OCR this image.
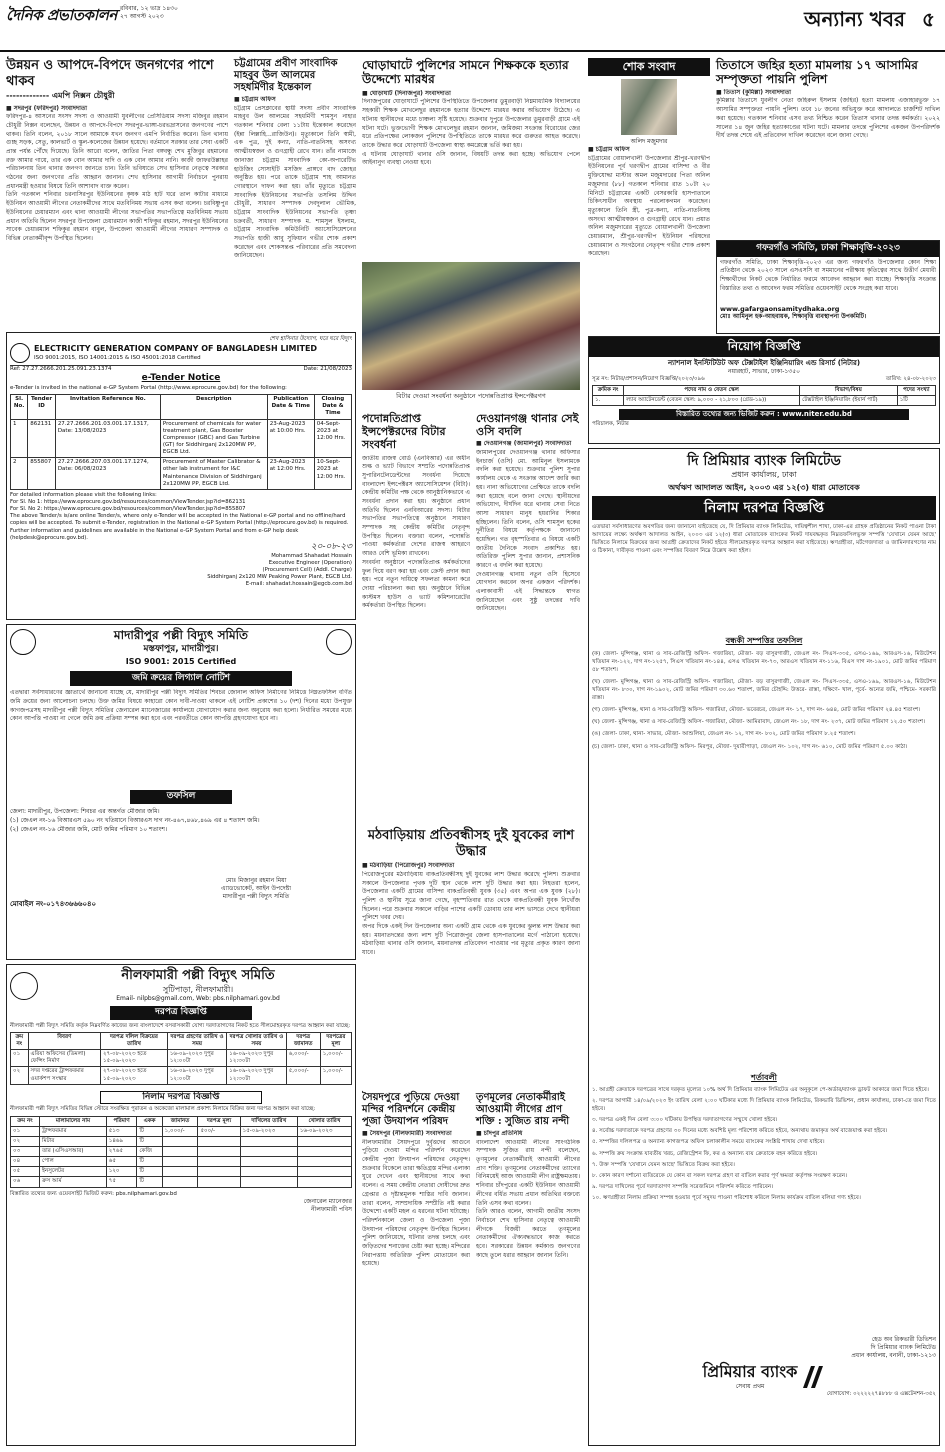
দৈনিক প্রভাতকালন রবিবার, ১২ ভাদ্র ১৪৩০
২৭ আগস্ট ২০২৩	অন্যান্য খবর ৫
উন্নয়ন ও আপদে-বিপদে জনগণের পাশে থাকব
------------- এমপি নিক্সন চৌধুরী
■ সদরপুর (ফরিদপুর) সংবাদদাতা
ফরিদপুর-৪ আসনের সংসদ সদস্য ও আওয়ামী যুবলীগের প্রেসিডিয়াম সদস্য মজিবুর রহমান চৌধুরী নিক্সন বলেছেন, উন্নয়ন ও আপদে-বিপদে সদরপুর-ভাঙ্গা-চরভদ্রাসনের জনগণের পাশে থাকব। তিনি বলেন, ২০১৮ সালে আমাকে যখন জনগণ এমপি নির্বাচিত করেন। তিন থানায় গুচ্ছ সড়ক, সেতু, কালভার্ট ও স্কুল-কলেজের উন্নয়ন হয়েছে। বর্তমানে সরকার তার সেবা একটি প্রান্ত পর্যন্ত পৌঁছে দিয়েছে। তিনি আরো বলেন, জাতির পিতা বঙ্গবন্ধু শেখ মুজিবুর রহমানের রক্ত আমার গায়ে, তার এক বোন আমার দাদি ও এক বোন আমার নানি। কাজী জাফরউল্লাহর পরিচালনায় তিন থানার জনগণ জানতে চান। তিনি ভবিষ্যতে সেখ হাসিনার নেতৃত্বে সরকার গঠনের জন্য জনগণের প্রতি আহ্বান জানান। শেখ হাসিনার আগামী নির্বাচনে পুনরায় প্রধানমন্ত্রী হওয়ার বিষয়ে তিনি আশাবাদ ব্যক্ত করেন।
তিনি গতকাল শনিবার চরনাসিরপুর ইউনিয়নের কৃষক মাঠ হাট ঘরে তাল কাটার মাধ্যমে ইউনিয়ন আওয়ামী লীগের নেতাকর্মীদের সাথে মতবিনিময় সভায় এসব কথা বলেন। চরবিষ্ণুপুর ইউনিয়নের চেয়ারম্যান এবং থানা আওয়ামী লীগের সভাপতির সভাপতিত্বে মতবিনিময় সভায় প্রধান অতিথি ছিলেন সদরপুর উপজেলা চেয়ারম্যান কাজী শফিকুর রহমান, সদরপুর ইউনিয়নের সাবেক চেয়ারম্যান শফিকুর রহমান বাবুল, উপজেলা আওয়ামী লীগের সাধারণ সম্পাদক ও বিভিন্ন নেতাকর্মীবৃন্দ উপস্থিত ছিলেন।
চট্টগ্রামের প্রবীণ সাংবাদিক মাহবুব উল আলমের সহধর্মিণীর ইন্তেকাল
■ চট্টগ্রাম অফিস
চট্টগ্রাম প্রেসক্লাবের স্থায়ী সদস্য প্রবীণ সাংবাদিক মাহবুব উল আলমের সহধর্মিণী শামসুন নাহার গতকাল শনিবার বেলা ১১টায় ইন্তেকাল করেছেন (ইন্না লিল্লাহি...রাজিউন)। মৃত্যুকালে তিনি স্বামী, এক পুত্র, দুই কন্যা, নাতি-নাতনিসহ অসংখ্য আত্মীয়স্বজন ও গুণগ্রাহী রেখে যান। তাঁর নামাজে জানাজা চট্টগ্রাম সাংবাদিক কো-অপারেটিভ হাউজিং সোসাইটি মসজিদ প্রাঙ্গণে বাদ জোহর অনুষ্ঠিত হয়। পরে তাকে চট্টগ্রাম শাহ আমানত গোরস্থানে দাফন করা হয়। তাঁর মৃত্যুতে চট্টগ্রাম সাংবাদিক ইউনিয়নের সভাপতি তসলিম উদ্দিন চৌধুরী, সাধারণ সম্পাদক দেবদুলাল ভৌমিক, চট্টগ্রাম সাংবাদিক ইউনিয়নের সভাপতি তৃষ্ণা চক্রবর্তী, সাধারণ সম্পাদক ম. শামসুল ইসলাম, চট্টগ্রাম সাংবাদিক কমিউনিটি অ্যাসোসিয়েশনের সভাপতি হাজী আবু সুফিয়ান গভীর শোক প্রকাশ করেছেন এবং শোকসন্তপ্ত পরিবারের প্রতি সমবেদনা জানিয়েছেন।
ঘোড়াঘাটে পুলিশের সামনে শিক্ষককে হত্যার উদ্দেশ্যে মারধর
■ ঘোড়াঘাট (দিনাজপুর) সংবাদদাতা
দিনাজপুরের ঘোড়াঘাটে পুলিশের উপস্থিতিতে উপজেলার ডুমুরবাড়ী নিম্নমাধ্যমিক বিদ্যালয়ের সহকারী শিক্ষক মোখলেছুর রহমানকে হত্যার উদ্দেশ্যে মারধর করার অভিযোগ উঠেছে। এ ঘটনায় স্থানীয়দের মধ্যে চাঞ্চল্য সৃষ্টি হয়েছে। শুক্রবার দুপুরে উপজেলার ডুমুরবাড়ী গ্রামে এই ঘটনা ঘটে। ভুক্তভোগী শিক্ষক মোখলেছুর রহমান জানান, জমিজমা সংক্রান্ত বিরোধের জের ধরে প্রতিপক্ষের লোকজন পুলিশের উপস্থিতিতে তাকে মারধর করে গুরুতর আহত করেছে। তাকে উদ্ধার করে ঘোড়াঘাট উপজেলা স্বাস্থ্য কমপ্লেক্সে ভর্তি করা হয়।
এ ঘটনায় ঘোড়াঘাট থানার ওসি জানান, বিষয়টি তদন্ত করা হচ্ছে। অভিযোগ পেলে আইনানুগ ব্যবস্থা নেওয়া হবে।
বিটার দেওয়া সংবর্ধনা অনুষ্ঠানে পদোন্নতিপ্রাপ্ত ইন্সপেক্টরগণ
শোক সংবাদ
অলিদ মজুমদার
■ চট্টগ্রাম অফিস
চট্টগ্রামের বোয়ালখালী উপজেলার শ্রীপুর-খরণদ্বীপ ইউনিয়নের পূর্ব খরণদ্বীপ গ্রামের বাসিন্দা ও বীর মুক্তিযোদ্ধা মাস্টার অমল মজুমদারের পিতা অনিল মজুমদার (৮৮) গতকাল শনিবার রাত ১০টা ২০ মিনিটে চট্টগ্রামের একটি বেসরকারি হাসপাতালে চিকিৎসাধীন অবস্থায় পরলোকগমন করেছেন। মৃত্যুকালে তিনি স্ত্রী, পুত্র-কন্যা, নাতি-নাতনিসহ অসংখ্য আত্মীয়স্বজন ও গুণগ্রাহী রেখে যান। প্রয়াত অনিল মজুমদারের মৃত্যুতে বোয়ালখালী উপজেলা চেয়ারম্যান, শ্রীপুর-খরণদ্বীপ ইউনিয়ন পরিষদের চেয়ারম্যান ও সংগঠনের নেতৃবৃন্দ গভীর শোক প্রকাশ করেছেন।
তিতাসে জহির হত্যা মামলায় ১৭ আসামির সম্পৃক্ততা পায়নি পুলিশ
■ তিতাস (কুমিল্লা) সংবাদদাতা
কুমিল্লার তিতাসে যুবলীগ নেতা জহিরুল ইসলাম (জহির) হত্যা মামলায় এজাহারভুক্ত ১৭ আসামির সম্পৃক্ততা পায়নি পুলিশ। তবে ১৮ জনের অভিযুক্ত করে আদালতে চার্জশিট দাখিল করা হয়েছে। গতকাল শনিবার এসব তথ্য নিশ্চিত করেন তিতাস থানার তদন্ত কর্মকর্তা। ২০২২ সালের ১৪ জুন জহির হত্যাকাণ্ডের ঘটনা ঘটে। মামলার তদন্তে পুলিশের একজন উপপরিদর্শক দীর্ঘ তদন্ত শেষে এই প্রতিবেদন দাখিল করেছেন বলে জানা গেছে।
গফরগাঁও সমিতি, ঢাকা শিক্ষাবৃত্তি-২০২৩
গফরগাঁও সমিতি, ঢাকা শিক্ষাবৃত্তি-২০২৩ এর জন্য গফরগাঁও উপজেলার কোন শিক্ষা প্রতিষ্ঠান থেকে ২০২৩ সালে এসএসসি বা সমমানের পরীক্ষায় কৃতিত্বের সাথে উত্তীর্ণ মেধাবী শিক্ষার্থীদের নিকট থেকে নির্ধারিত ফরমে আবেদন আহ্বান করা যাচ্ছে। শিক্ষাবৃত্তি সংক্রান্ত বিস্তারিত তথ্য ও আবেদন ফরম সমিতির ওয়েবসাইট থেকে সংগ্রহ করা যাবে।
www.gafargaonsamitydhaka.org
মোঃ আমিনুল হক-আহবায়ক, শিক্ষাবৃত্তি ব্যবস্থাপনা উপকমিটি।
নিয়োগ বিজ্ঞপ্তি
ন্যাশনাল ইনস্টিটিউট অফ টেক্সটাইল ইঞ্জিনিয়ারিং এন্ড রিসার্চ (নিটার)
নয়ারহাট, সাভার, ঢাকা-১৩৫০
সূত্র নং: নিটার/প্রশাসন/নিয়োগ বিজ্ঞপ্তি/২০২৩/০৯৬	তারিখ: ২৪-০৮-২০২৩
ক্রমিক নং	পদের নাম ও বেতন স্কেল	বিভাগ/বিষয়	পদের সংখ্যা
১.	ল্যাব অ্যাটেনডেন্ট (বেতন স্কেল: ৯,০০০ - ২১,৮০০ (গ্রেড-১৯))	টেক্সটাইল ইঞ্জিনিয়ারিং (ইয়ার্ন পার্ট)	১টি
বিস্তারিত তথ্যের জন্য ভিজিট করুন : www.niter.edu.bd
পরিচালক, নিটার
শেখ হাসিনার উদ্যোগ, ঘরে ঘরে বিদ্যুৎ
ELECTRICITY GENERATION COMPANY OF BANGLADESH LIMITED
ISO 9001:2015, ISO 14001:2015 & ISO 45001:2018 Certified
Ref: 27.27.2666.201.25.091.23.1374	Date: 21/08/2023
e-Tender Notice
e-Tender is invited in the national e-GP System Portal (http://www.eprocure.gov.bd) for the following:
Sl. No.	Tender ID	Invitation Reference No.	Description	Publication Date & Time	Closing Date & Time
1	862131	27.27.2666.201.03.001.17.1317, Date: 13/08/2023	Procurement of chemicals for water treatment plant, Gas Booster Compressor (GBC) and Gas Turbine (GT) for Siddhirganj 2x120MW PP, EGCB Ltd.	23-Aug-2023 at 10:00 Hrs.	04-Sept-2023 at 12:00 Hrs.
2	855807	27.27.2666.207.03.001.17.1274, Date: 06/08/2023	Procurement of Master Calibrator & other lab instrument for I&C Maintenance Division of Siddhirganj 2x120MW PP, EGCB Ltd.	23-Aug-2023 at 12:00 Hrs.	10-Sept-2023 at 12:00 Hrs.
For detailed information please visit the following links:
For Sl. No 1: https://www.eprocure.gov.bd/resources/common/ViewTender.jsp?id=862131
For Sl. No 2: https://www.eprocure.gov.bd/resources/common/ViewTender.jsp?id=855807
The above Tender/s is/are online Tender/s, where only e-Tender will be accepted in the National e-GP portal and no offline/hard copies will be accepted. To submit e-Tender, registration in the National e-GP System Portal (http://eprocure.gov.bd) is required. Further information and guidelines are available in the National e-GP System Portal and from e-GP help desk (helpdesk@eprocure.gov.bd).
২০-০৮-২৩
Mohammad Shahadat Hossain
Executive Engineer (Operation)
(Procurement Cell) (Addl. Charge)
Siddhirganj 2x120 MW Peaking Power Plant, EGCB Ltd.
E-mail: shahadat.hossain@egcb.com.bd
মাদারীপুর পল্লী বিদ্যুৎ সমিতি
মস্তফাপুর, মাদারীপুর।
ISO 9001: 2015 Certified
জমি ক্রয়ের লিগ্যাল নোটিশ
এতদ্বারা সর্বসাধারণের জ্ঞাতার্থে জানানো যাচ্ছে যে, মাদারীপুর পল্লী বিদ্যুৎ সমিতির শিবচর জোনাল অফিস নির্মাণের নিমিত্তে নিম্নতফসিল বর্ণিত জমি ক্রয়ের জন্য আলোচনা চলছে। উক্ত জমির বিষয়ে কাহারো কোন দাবী-দাওয়া থাকলে এই নোটিশ প্রকাশের ১০ (দশ) দিনের মধ্যে উপযুক্ত কাগজপত্রসহ মাদারীপুর পল্লী বিদ্যুৎ সমিতির জেনারেল ম্যানেজারের কার্যালয়ে যোগাযোগ করার জন্য অনুরোধ করা হলো। নির্ধারিত সময়ের মধ্যে কোন আপত্তি পাওয়া না গেলে জমি ক্রয় প্রক্রিয়া সম্পন্ন করা হবে এবং পরবর্তীতে কোন আপত্তি গ্রহণযোগ্য হবে না।
তফসিল
জেলা: মাদারীপুর, উপজেলা: শিবচর এর অন্তর্গত মৌজার জমি।
(১) জেএল নং-১৬ বিআরএস ৫৯০ নং খতিয়ানে বিআরএস দাগ নং-৪৬৭,৪৬৮,৪৬৯ এর ৪ শতাংশ জমি।
(২) জেএল নং-১৬ মৌজার জমি, মোট জমির পরিমাণ ১০ শতাংশ।
মোঃ মিজানুর রহমান মিয়া
এ্যাডভোকেট, আইন উপদেষ্টা
মাদারীপুর পল্লী বিদ্যুৎ সমিতি
মোবাইল নং-০১৭৪৩৬৬৬০৪০
নীলফামারী পল্লী বিদ্যুৎ সমিতি
সুটিপাড়া, নীলফামারী।
Email- nilpbs@gmail.com, Web: pbs.nilphamari.gov.bd
দরপত্র বিজ্ঞপ্তি
নীলফামারী পল্লী বিদ্যুৎ সমিতি কর্তৃক নিম্নবর্ণিত কাজের জন্য বাংলাদেশে বসবাসকারী যোগ্য দরদাতাগণের নিকট হতে সীলমোহরকৃত দরপত্র আহ্বান করা যাচ্ছে:
ক্রম নং	বিবরণ	দরপত্র দলিল বিক্রয়ের তারিখ	দরপত্র গ্রহণের তারিখ ও সময়	দরপত্র খোলার তারিখ ও সময়	দরপত্র জামানত	দরপত্রের মূল্য
০১	এরিয়া অফিসের (ডিমলা) ফেন্সিং নির্মাণ	২৭-০৮-২০২৩ হতে ১৫-০৯-২০২৩	১৬-০৯-২০২৩ দুপুর ১২:০০টা	১৬-০৯-২০২৩ দুপুর ১২:৩০টা	৬,০০০/-	১,০০০/-
০২	সদর দপ্তরের ট্রান্সফরমার ওয়ার্কশপ সংস্কার	২৭-০৮-২০২৩ হতে ১৫-০৯-২০২৩	১৬-০৯-২০২৩ দুপুর ১২:০০টা	১৬-০৯-২০২৩ দুপুর ১২:৩০টা	৫,০০০/-	১,০০০/-
নিলাম দরপত্র বিজ্ঞপ্তি
নীলফামারী পল্লী বিদ্যুৎ সমিতির বিভিন্ন স্টোরে সংরক্ষিত পুরাতন ও অকেজো মালামাল প্রকাশ্য নিলামে বিক্রির জন্য দরপত্র আহ্বান করা যাচ্ছে:
ক্রম নং	মালামালের নাম	পরিমাণ	একক	জামানত	দরপত্র মূল্য	দাখিলের তারিখ	খোলার তারিখ
০১	ট্রান্সফরমার	৫১৩	টি	১,০০০/-	৫০০/-	১৫-০৯-২০২৩	১৬-০৯-২০২৩
০২	মিটার	১৪৬৯	টি				
০৩	তার (এসিএসআর)	২৭৬৫	কেজি				
০৪	পোল	৬৫	টি				
০৫	ইনসুলেটর	১২০	টি				
০৬	ক্রস আর্ম	৭৫	টি				
বিস্তারিত তথ্যের জন্য ওয়েবসাইট ভিজিট করুন: pbs.nilphamari.gov.bd
জেনারেল ম্যানেজার
নীলফামারী পবিস
পদোন্নতিপ্রাপ্ত ইন্সপেক্টরদের বিটার সংবর্ধনা
জাতীয় রাজস্ব বোর্ড (এনবিআর) এর অধীন শুল্ক ও ভ্যাট বিভাগে সম্প্রতি পদোন্নতিপ্রাপ্ত সুপারিনটেনডেন্টদের সংবর্ধনা দিয়েছে বাংলাদেশ ইন্সপেক্টরস অ্যাসোসিয়েশন (বিটা)। কেন্দ্রীয় কমিটির পক্ষ থেকে আনুষ্ঠানিকভাবে এ সংবর্ধনা প্রদান করা হয়। অনুষ্ঠানে প্রধান অতিথি ছিলেন এনবিআরের সদস্য। বিটার সভাপতির সভাপতিত্বে অনুষ্ঠানে সাধারণ সম্পাদক সহ কেন্দ্রীয় কমিটির নেতৃবৃন্দ উপস্থিত ছিলেন। বক্তারা বলেন, পদোন্নতি পাওয়া কর্মকর্তারা দেশের রাজস্ব আহরণে আরও বেশি ভূমিকা রাখবেন।
সংবর্ধনা অনুষ্ঠানে পদোন্নতিপ্রাপ্ত কর্মকর্তাদের ফুল দিয়ে বরণ করা হয় এবং ক্রেস্ট প্রদান করা হয়। পরে নতুন দায়িত্বে সফলতা কামনা করে দোয়া পরিচালনা করা হয়। অনুষ্ঠানে বিভিন্ন কাস্টমস হাউস ও ভ্যাট কমিশনারেটের কর্মকর্তারা উপস্থিত ছিলেন।
দেওয়ানগঞ্জ থানার সেই ওসি বদলি
■ দেওয়ানগঞ্জ (জামালপুর) সংবাদদাতা
জামালপুরের দেওয়ানগঞ্জ থানার অফিসার ইনচার্জ (ওসি) মো. আমিনুল ইসলামকে বদলি করা হয়েছে। শুক্রবার পুলিশ সুপার কার্যালয় থেকে এ সংক্রান্ত আদেশ জারি করা হয়। নানা অভিযোগের প্রেক্ষিতে তাকে বদলি করা হয়েছে বলে জানা গেছে। স্থানীয়দের অভিযোগ, দীর্ঘদিন ধরে থানায় সেবা নিতে আসা সাধারণ মানুষ হয়রানির শিকার হচ্ছিলেন। তিনি বলেন, ওসি শামসুল হকের দুর্নীতির বিষয়ে কর্তৃপক্ষকে জানানো হয়েছিল। গত বৃহস্পতিবার এ বিষয়ে একটি জাতীয় দৈনিকে সংবাদ প্রকাশিত হয়। অতিরিক্ত পুলিশ সুপার জানান, প্রশাসনিক কারণে এ বদলি করা হয়েছে।
দেওয়ানগঞ্জ থানায় নতুন ওসি হিসেবে যোগদান করবেন অপর একজন পরিদর্শক। এলাকাবাসী এই সিদ্ধান্তকে স্বাগত জানিয়েছেন এবং সুষ্ঠু তদন্তের দাবি জানিয়েছেন।
মঠবাড়িয়ায় প্রতিবন্ধীসহ দুই যুবকের লাশ উদ্ধার
■ মঠবাড়িয়া (পিরোজপুর) সংবাদদাতা
পিরোজপুরের মঠবাড়িয়ায় বাকপ্রতিবন্ধীসহ দুই যুবকের লাশ উদ্ধার করেছে পুলিশ। শুক্রবার সকালে উপজেলার পৃথক দুটি স্থান থেকে লাশ দুটি উদ্ধার করা হয়। নিহতরা হলেন, উপজেলার একটি গ্রামের বাসিন্দা বাকপ্রতিবন্ধী যুবক (৩৫) এবং অপর এক যুবক (২৮)। পুলিশ ও স্থানীয় সূত্রে জানা গেছে, বৃহস্পতিবার রাত থেকে বাকপ্রতিবন্ধী যুবক নিখোঁজ ছিলেন। পরে শুক্রবার সকালে বাড়ির পাশের একটি ডোবায় তার লাশ ভাসতে দেখে স্থানীয়রা পুলিশে খবর দেয়।
অপর দিকে একই দিন উপজেলার অন্য একটি গ্রাম থেকে এক যুবকের ঝুলন্ত লাশ উদ্ধার করা হয়। ময়নাতদন্তের জন্য লাশ দুটি পিরোজপুর জেলা হাসপাতালের মর্গে পাঠানো হয়েছে। মঠবাড়িয়া থানার ওসি জানান, ময়নাতদন্ত প্রতিবেদন পাওয়ার পর মৃত্যুর প্রকৃত কারণ জানা যাবে।
সৈয়দপুরে পুড়িয়ে দেওয়া মন্দির পরিদর্শনে কেন্দ্রীয় পূজা উদযাপন পরিষদ
■ সৈয়দপুর (নীলফামারী) সংবাদদাতা
নীলফামারীর সৈয়দপুরে দুর্বৃত্তদের আগুনে পুড়িয়ে দেওয়া মন্দির পরিদর্শন করেছেন কেন্দ্রীয় পূজা উদযাপন পরিষদের নেতৃবৃন্দ। শুক্রবার বিকেলে তারা ক্ষতিগ্রস্ত মন্দির এলাকা ঘুরে দেখেন এবং স্থানীয়দের সাথে কথা বলেন। এ সময় কেন্দ্রীয় নেতারা দোষীদের দ্রুত গ্রেপ্তার ও দৃষ্টান্তমূলক শাস্তির দাবি জানান। তারা বলেন, সাম্প্রদায়িক সম্প্রীতি নষ্ট করার উদ্দেশ্যে একটি মহল এ ধরনের ঘটনা ঘটাচ্ছে।
পরিদর্শনকালে জেলা ও উপজেলা পূজা উদযাপন পরিষদের নেতৃবৃন্দ উপস্থিত ছিলেন। পুলিশ জানিয়েছে, ঘটনার তদন্ত চলছে এবং জড়িতদের শনাক্তের চেষ্টা করা হচ্ছে। মন্দিরের নিরাপত্তায় অতিরিক্ত পুলিশ মোতায়েন করা হয়েছে।
তৃণমূলের নেতাকর্মীরাই আওয়ামী লীগের প্রাণ শক্তি : সুজিত রায় নন্দী
■ চাঁদপুর প্রতিনিধি
বাংলাদেশ আওয়ামী লীগের সাংগঠনিক সম্পাদক সুজিত রায় নন্দী বলেছেন, তৃণমূলের নেতাকর্মীরাই আওয়ামী লীগের প্রাণ শক্তি। তৃণমূলের নেতাকর্মীদের ত্যাগের বিনিময়েই আজ আওয়ামী লীগ রাষ্ট্রক্ষমতায়। শনিবার চাঁদপুরের একটি ইউনিয়ন আওয়ামী লীগের বর্ধিত সভায় প্রধান অতিথির বক্তব্যে তিনি এসব কথা বলেন।
তিনি আরও বলেন, আগামী জাতীয় সংসদ নির্বাচনে শেখ হাসিনার নেতৃত্বে আওয়ামী লীগকে বিজয়ী করতে তৃণমূলের নেতাকর্মীদের ঐক্যবদ্ধভাবে কাজ করতে হবে। সরকারের উন্নয়ন কর্মকাণ্ড জনগণের কাছে তুলে ধরার আহ্বান জানান তিনি।
দি প্রিমিয়ার ব্যাংক লিমিটেড
প্রধান কার্যালয়, ঢাকা
অর্থঋণ আদালত আইন, ২০০৩ এর ১২(৩) ধারা মোতাবেক
নিলাম দরপত্র বিজ্ঞপ্তি
এতদ্বারা সর্বসাধারণের অবগতির জন্য জানানো যাইতেছে যে, দি প্রিমিয়ার ব্যাংক লিমিটেড, দায়িত্বশীল শাখা, ঢাকা-এর গ্রাহক প্রতিষ্ঠানের নিকট পাওনা টাকা আদায়ের লক্ষ্যে অর্থঋণ আদালত আইন, ২০০৩ এর ১২(৩) ধারা মোতাবেক ব্যাংকের নিকট দায়বদ্ধকৃত নিম্নতফসিলভুক্ত সম্পত্তি 'যেখানে যেমন আছে' ভিত্তিতে নিলামে বিক্রয়ের জন্য আগ্রহী ক্রেতাদের নিকট হইতে সীলমোহরকৃত দরপত্র আহ্বান করা যাইতেছে। ঋণগ্রহীতা, মর্টগেজদাতা ও জামিনদারগণের নাম ও ঠিকানা, দাবীকৃত পাওনা এবং সম্পত্তির বিবরণ নিম্নে উল্লেখ করা হইল।
বন্ধকী সম্পত্তির তফসিল
(ক) জেলা- মুন্সিগঞ্জ, থানা ও সাব-রেজিস্ট্রি অফিস- গজারিয়া, মৌজা- বড় বাসুরগাজী, জেএল নং- সিএস-৩৩৫, এসএ-১৬৯, আরএস-১৬, মিউটেশন খতিয়ান নং-১২২, দাগ নং-১২৫৭, সিএস খতিয়ান নং-১৪৪, এসএ খতিয়ান নং-৭৩, আরএস খতিয়ান নং-১১৬, বিএস দাগ নং-১৯০১, মোট জমির পরিমাণ ৫৮ শতাংশ।
(খ) জেলা- মুন্সিগঞ্জ, থানা ও সাব-রেজিস্ট্রি অফিস- গজারিয়া, মৌজা- বড় বাসুরগাজী, জেএল নং- সিএস-৩৩৫, এসএ-১৬৯, আরএস-১৬, মিউটেশন খতিয়ান নং- ৮৩০, দাগ নং-১৯০২, মোট জমির পরিমাণ ৩০.৬০ শতাংশ, জমির চৌহদ্দি: উত্তরে- রাস্তা, দক্ষিণে- খাল, পূর্বে- অন্যের জমি, পশ্চিমে- সরকারি রাস্তা।
(গ) জেলা- মুন্সিগঞ্জ, থানা ও সাব-রেজিস্ট্রি অফিস- গজারিয়া, মৌজা- ভবেরচর, জেএল নং- ১৭, দাগ নং- ৬৪৪, মোট জমির পরিমাণ ২৪.৪৫ শতাংশ।
(ঘ) জেলা- মুন্সিগঞ্জ, থানা ও সাব-রেজিস্ট্রি অফিস- গজারিয়া, মৌজা- আমিরাবাদ, জেএল নং- ১৮, দাগ নং- ২৩৭, মোট জমির পরিমাণ ১২.৫০ শতাংশ।
(ঙ) জেলা- ঢাকা, থানা- সাভার, মৌজা- আশুলিয়া, জেএল নং- ১২, দাগ নং- ৮০২, মোট জমির পরিমাণ ৮.২৫ শতাংশ।
(চ) জেলা- ঢাকা, থানা ও সাব-রেজিস্ট্রি অফিস- মিরপুর, মৌজা- দুয়ারীপাড়া, জেএল নং- ১০২, দাগ নং- ৬১০, মোট জমির পরিমাণ ৫.০০ কাঠা।
শর্তাবলী
১. আগ্রহী ক্রেতাকে দরপত্রের সাথে দরকৃত মূল্যের ১০% অর্থ দি প্রিমিয়ার ব্যাংক লিমিটেড এর অনুকূলে পে-অর্ডার/ব্যাংক ড্রাফট আকারে জমা দিতে হইবে।
২. দরপত্র আগামী ১৪/০৯/২০২৩ ইং তারিখ বেলা ২:০০ ঘটিকার মধ্যে দি প্রিমিয়ার ব্যাংক লিমিটেড, রিকভারি ডিভিশন, প্রধান কার্যালয়, ঢাকা-তে জমা দিতে হইবে।
৩. দরপত্র একই দিন বেলা ৩:০০ ঘটিকায় উপস্থিত দরদাতাগণের সম্মুখে খোলা হইবে।
৪. সর্বোচ্চ দরদাতাকে দরপত্র গ্রহণের ৩০ দিনের মধ্যে অবশিষ্ট মূল্য পরিশোধ করিতে হইবে, অন্যথায় জমাকৃত অর্থ বাজেয়াপ্ত করা হইবে।
৫. সম্পত্তির দলিলপত্র ও অন্যান্য কাগজপত্র অফিস চলাকালীন সময়ে ব্যাংকের সংশ্লিষ্ট শাখায় দেখা যাইবে।
৬. সম্পত্তি ক্রয় সংক্রান্ত যাবতীয় খরচ, রেজিস্ট্রেশন ফি, কর ও অন্যান্য ব্যয় ক্রেতাকে বহন করিতে হইবে।
৭. উক্ত সম্পত্তি 'যেখানে যেমন আছে' ভিত্তিতে বিক্রয় করা হইবে।
৮. কোন কারণ দর্শানো ব্যতিরেকে যে কোন বা সকল দরপত্র গ্রহণ বা বাতিল করার পূর্ণ ক্ষমতা কর্তৃপক্ষ সংরক্ষণ করেন।
৯. দরপত্র দাখিলের পূর্বে দরদাতাগণ সম্পত্তি সরেজমিনে পরিদর্শন করিতে পারিবেন।
১০. ঋণগ্রহীতা নিলাম প্রক্রিয়া সম্পন্ন হওয়ার পূর্বে সমুদয় পাওনা পরিশোধ করিলে নিলাম কার্যক্রম বাতিল বলিয়া গণ্য হইবে।
হেড অব রিকভারী ডিভিশন
দি প্রিমিয়ার ব্যাংক লিমিটেড
প্রধান কার্যালয়, বনানী, ঢাকা-১২১৩
প্রিমিয়ার ব্যাংক
সেবায় প্রথম
যোগাযোগ: ০২২২২২৭৪৮৮৮ ও এক্সটেনশন-৩৫২
